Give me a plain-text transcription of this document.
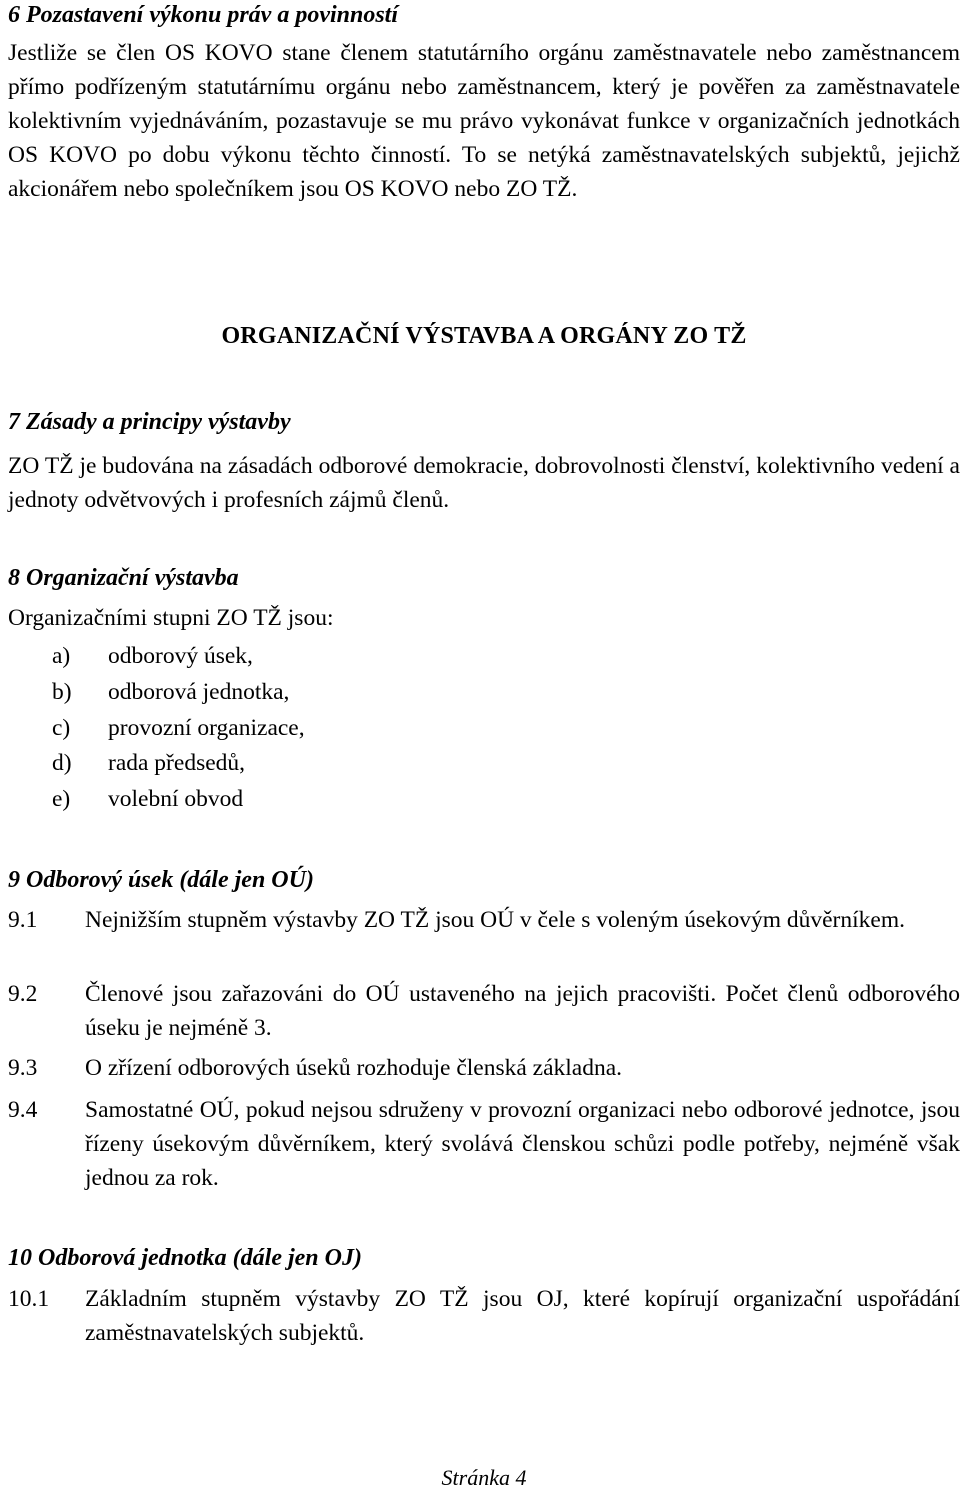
6 Pozastavení výkonu práv a povinností

Jestliže se člen OS KOVO stane členem statutárního orgánu zaměstnavatele nebo zaměstnancem přímo podřízeným statutárnímu orgánu nebo zaměstnancem, který je pověřen za zaměstnavatele kolektivním vyjednáváním, pozastavuje se mu právo vykonávat funkce v organizačních jednotkách OS KOVO po dobu výkonu těchto činností. To se netýká zaměstnavatelských subjektů, jejichž akcionářem nebo společníkem jsou OS KOVO nebo ZO TŽ.

ORGANIZAČNÍ VÝSTAVBA A ORGÁNY ZO TŽ

7 Zásady a principy výstavby

ZO TŽ je budována na zásadách odborové demokracie, dobrovolnosti členství, kolektivního vedení a jednoty odvětvových i profesních zájmů členů.

8 Organizační výstavba

Organizačními stupni ZO TŽ jsou:

a)	odborový úsek,
b)	odborová jednotka,
c)	provozní organizace,
d)	rada předsedů,
e)	volební obvod

9 Odborový úsek (dále jen OÚ)

9.1	Nejnižším stupněm výstavby ZO TŽ jsou OÚ v čele s voleným úsekovým důvěrníkem.
9.2	Členové jsou zařazováni do OÚ ustaveného na jejich pracovišti. Počet členů odborového úseku je nejméně 3.
9.3	O zřízení odborových úseků rozhoduje členská základna.
9.4	Samostatné OÚ, pokud nejsou sdruženy v provozní organizaci nebo odborové jednotce, jsou řízeny úsekovým důvěrníkem, který svolává členskou schůzi podle potřeby, nejméně však jednou za rok.

10 Odborová jednotka (dále jen OJ)

10.1	Základním stupněm výstavby ZO TŽ jsou OJ, které kopírují organizační uspořádání zaměstnavatelských subjektů.
Stránka 4
